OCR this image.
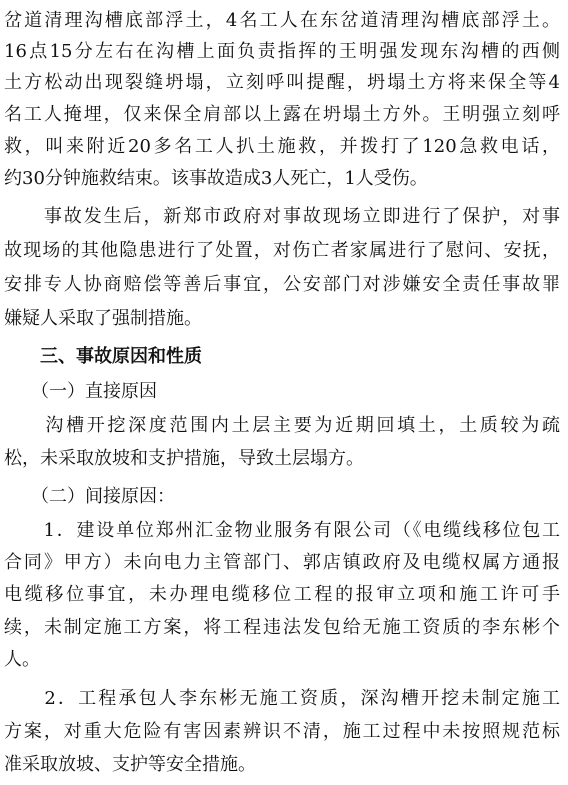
岔道清理沟槽底部浮土，4名工人在东岔道清理沟槽底部浮土。
16点15分左右在沟槽上面负责指挥的王明强发现东沟槽的西侧
土方松动出现裂缝坍塌，立刻呼叫提醒，坍塌土方将来保全等4
名工人掩埋，仅来保全肩部以上露在坍塌土方外。王明强立刻呼
救，叫来附近20多名工人扒土施救，并拨打了120急救电话，
约30分钟施救结束。该事故造成3人死亡，1人受伤。
　　事故发生后，新郑市政府对事故现场立即进行了保护，对事
故现场的其他隐患进行了处置，对伤亡者家属进行了慰问、安抚，
安排专人协商赔偿等善后事宜，公安部门对涉嫌安全责任事故罪
嫌疑人采取了强制措施。
　　三、事故原因和性质
　　（一）直接原因
　　沟槽开挖深度范围内土层主要为近期回填土，土质较为疏
松，未采取放坡和支护措施，导致土层塌方。
　　（二）间接原因：
　　1．建设单位郑州汇金物业服务有限公司（《电缆线移位包工
合同》甲方）未向电力主管部门、郭店镇政府及电缆权属方通报
电缆移位事宜，未办理电缆移位工程的报审立项和施工许可手
续，未制定施工方案，将工程违法发包给无施工资质的李东彬个
人。
　　2．工程承包人李东彬无施工资质，深沟槽开挖未制定施工
方案，对重大危险有害因素辨识不清，施工过程中未按照规范标
准采取放坡、支护等安全措施。
